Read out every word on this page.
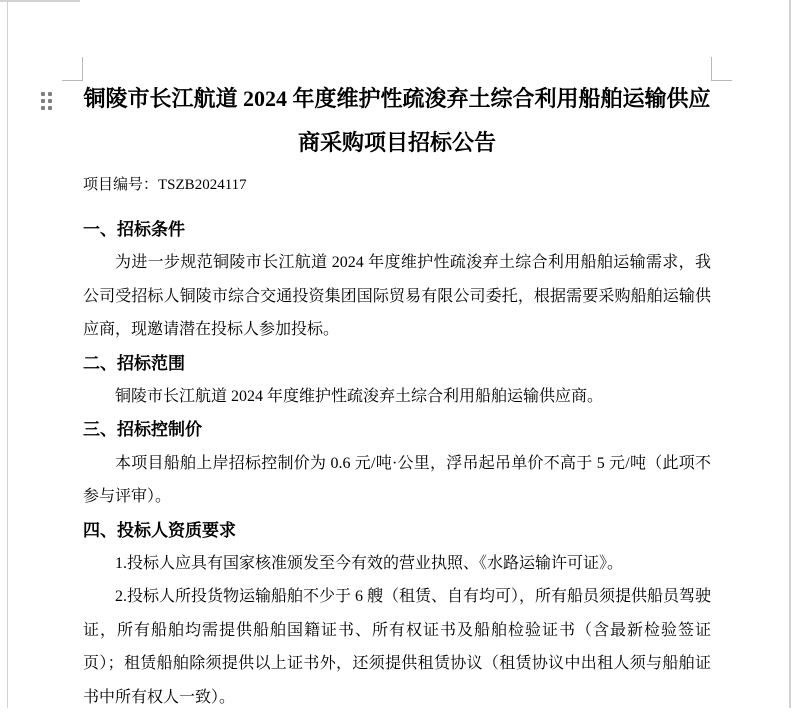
铜陵市长江航道 2024 年度维护性疏浚弃土综合利用船舶运输供应
商采购项目招标公告
项目编号：TSZB2024117
一、招标条件

为进一步规范铜陵市长江航道 2024 年度维护性疏浚弃土综合利用船舶运输需求，我公司受招标人铜陵市综合交通投资集团国际贸易有限公司委托，根据需要采购船舶运输供应商，现邀请潜在投标人参加投标。

二、招标范围

铜陵市长江航道 2024 年度维护性疏浚弃土综合利用船舶运输供应商。

三、招标控制价

本项目船舶上岸招标控制价为 0.6 元/吨·公里，浮吊起吊单价不高于 5 元/吨（此项不参与评审）。

四、投标人资质要求

1.投标人应具有国家核准颁发至今有效的营业执照、《水路运输许可证》。

2.投标人所投货物运输船舶不少于 6 艘（租赁、自有均可），所有船员须提供船员驾驶证，所有船舶均需提供船舶国籍证书、所有权证书及船舶检验证书（含最新检验签证页）；租赁船舶除须提供以上证书外，还须提供租赁协议（租赁协议中出租人须与船舶证书中所有权人一致）。
